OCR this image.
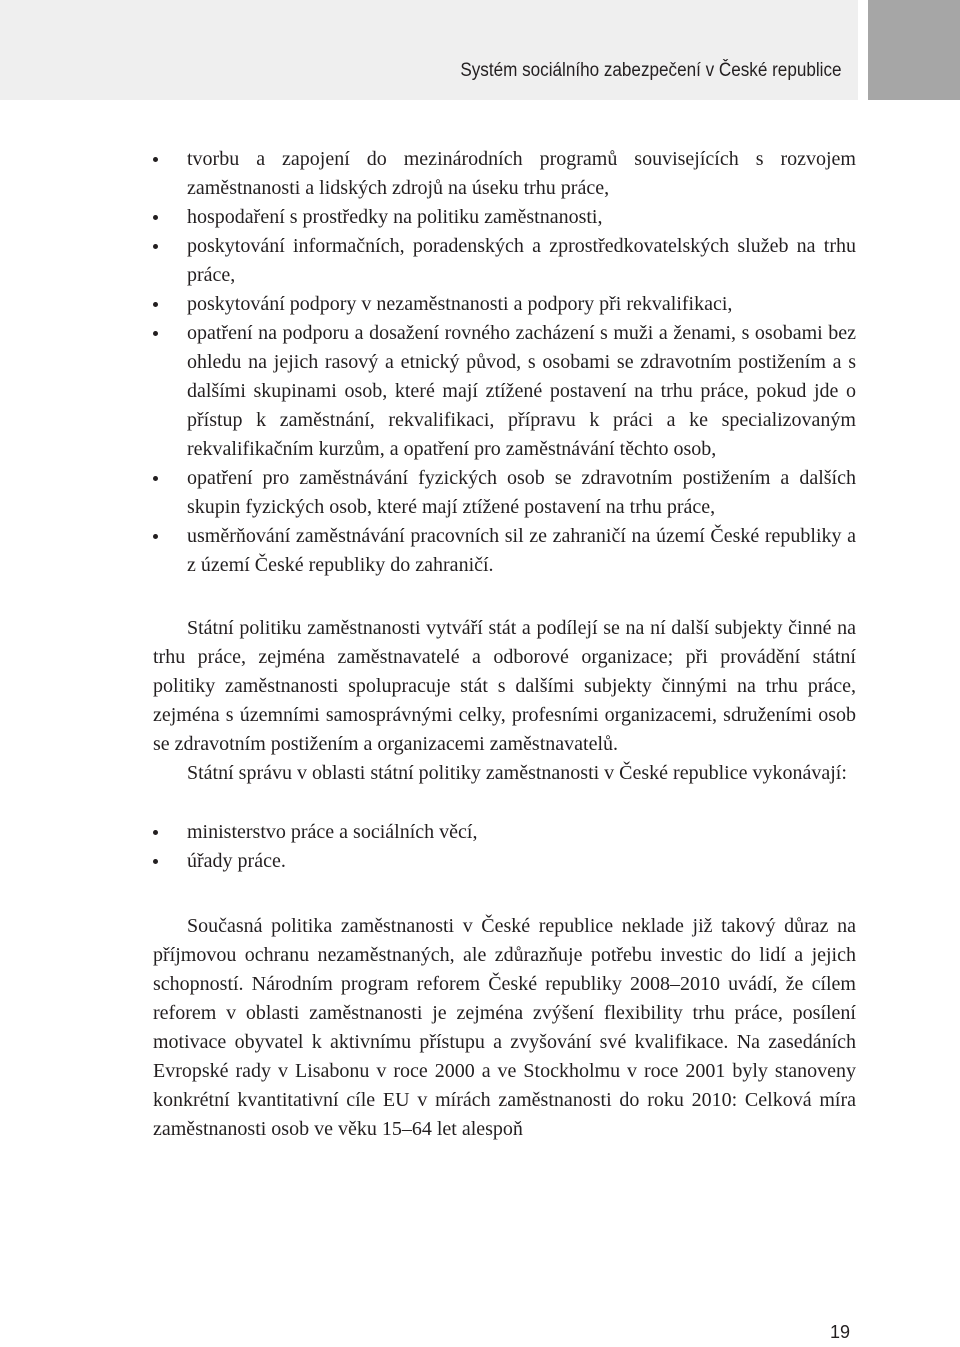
Systém sociálního zabezpečení v České republice
tvorbu a zapojení do mezinárodních programů souvisejících s rozvojem zaměstnanosti a lidských zdrojů na úseku trhu práce,
hospodaření s prostředky na politiku zaměstnanosti,
poskytování informačních, poradenských a zprostředkovatelských služeb na trhu práce,
poskytování podpory v nezaměstnanosti a podpory při rekvalifikaci,
opatření na podporu a dosažení rovného zacházení s muži a ženami, s osobami bez ohledu na jejich rasový a etnický původ, s osobami se zdravotním postižením a s dalšími skupinami osob, které mají ztížené postavení na trhu práce, pokud jde o přístup k zaměstnání, rekvalifikaci, přípravu k práci a ke specializovaným rekvalifikačním kurzům, a opatření pro zaměstnávání těchto osob,
opatření pro zaměstnávání fyzických osob se zdravotním postižením a dalších skupin fyzických osob, které mají ztížené postavení na trhu práce,
usměrňování zaměstnávání pracovních sil ze zahraničí na území České republiky a z území České republiky do zahraničí.

Státní politiku zaměstnanosti vytváří stát a podílejí se na ní další subjekty činné na trhu práce, zejména zaměstnavatelé a odborové organizace; při provádění státní politiky zaměstnanosti spolupracuje stát s dalšími subjekty činnými na trhu práce, zejména s územními samosprávnými celky, profesními organizacemi, sdruženími osob se zdravotním postižením a organizacemi zaměstnavatelů.

Státní správu v oblasti státní politiky zaměstnanosti v České republice vykonávají:

ministerstvo práce a sociálních věcí,
úřady práce.

Současná politika zaměstnanosti v České republice neklade již takový důraz na příjmovou ochranu nezaměstnaných, ale zdůrazňuje potřebu investic do lidí a jejich schopností. Národním program reforem České republiky 2008–2010 uvádí, že cílem reforem v oblasti zaměstnanosti je zejména zvýšení flexibility trhu práce, posílení motivace obyvatel k aktivnímu přístupu a zvyšování své kvalifikace. Na zasedáních Evropské rady v Lisabonu v roce 2000 a ve Stockholmu v roce 2001 byly stanoveny konkrétní kvantitativní cíle EU v mírách zaměstnanosti do roku 2010: Celková míra zaměstnanosti osob ve věku 15–64 let alespoň

19
